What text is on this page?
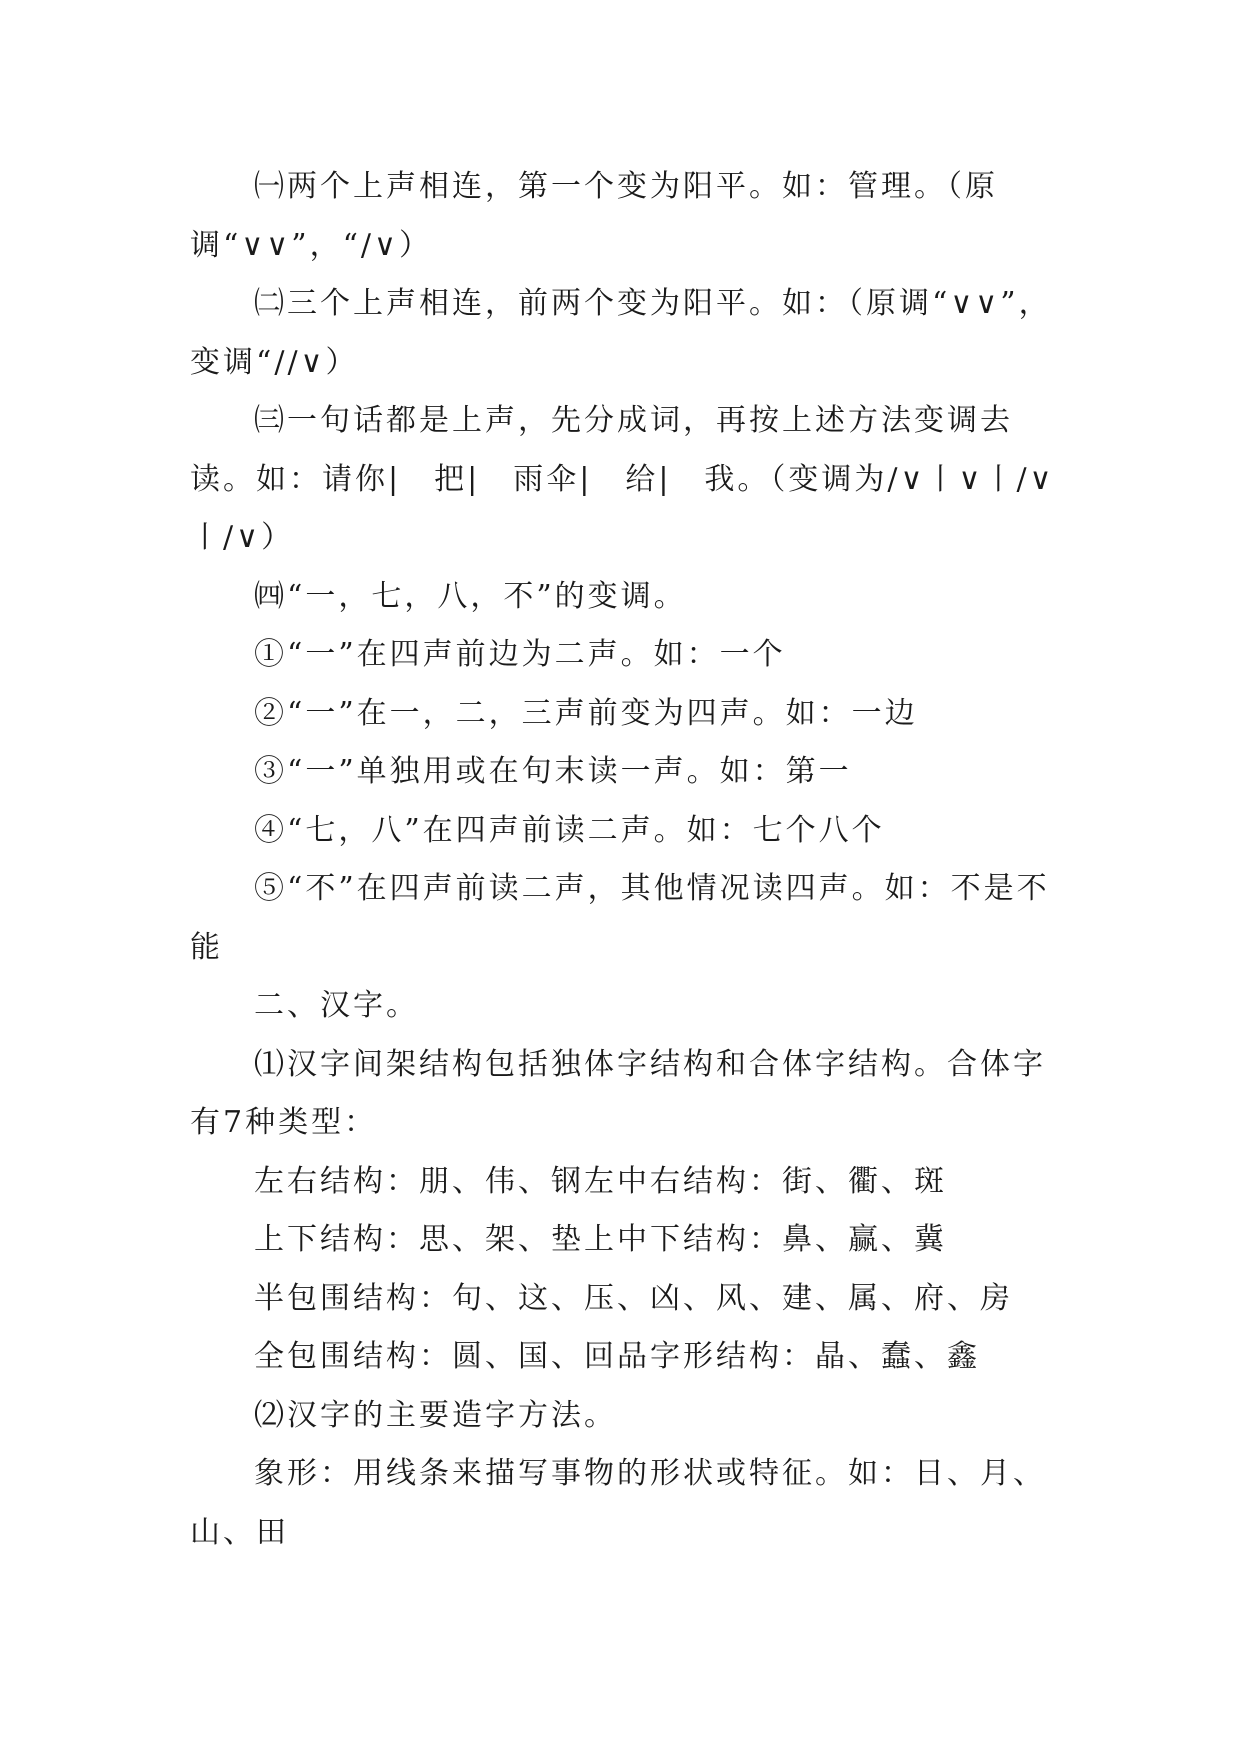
㈠两个上声相连，第一个变为阳平。如：管理。（原调“∨∨”，“/∨）

㈡三个上声相连，前两个变为阳平。如：（原调“∨∨”，变调“//∨）

㈢一句话都是上声，先分成词，再按上述方法变调去读。如：请你|　把|　雨伞|　给|　我。（变调为/∨丨∨丨/∨丨/∨）

㈣“一，七，八，不”的变调。

①“一”在四声前边为二声。如：一个

②“一”在一，二，三声前变为四声。如：一边

③“一”单独用或在句末读一声。如：第一

④“七，八”在四声前读二声。如：七个八个

⑤“不”在四声前读二声，其他情况读四声。如：不是不能

二、汉字。

⑴汉字间架结构包括独体字结构和合体字结构。合体字有7种类型：

左右结构：朋、伟、钢左中右结构：街、衢、斑

上下结构：思、架、垫上中下结构：鼻、赢、冀

半包围结构：句、这、压、凶、风、建、属、府、房

全包围结构：圆、国、回品字形结构：晶、蠢、鑫

⑵汉字的主要造字方法。

象形：用线条来描写事物的形状或特征。如：日、月、山、田
